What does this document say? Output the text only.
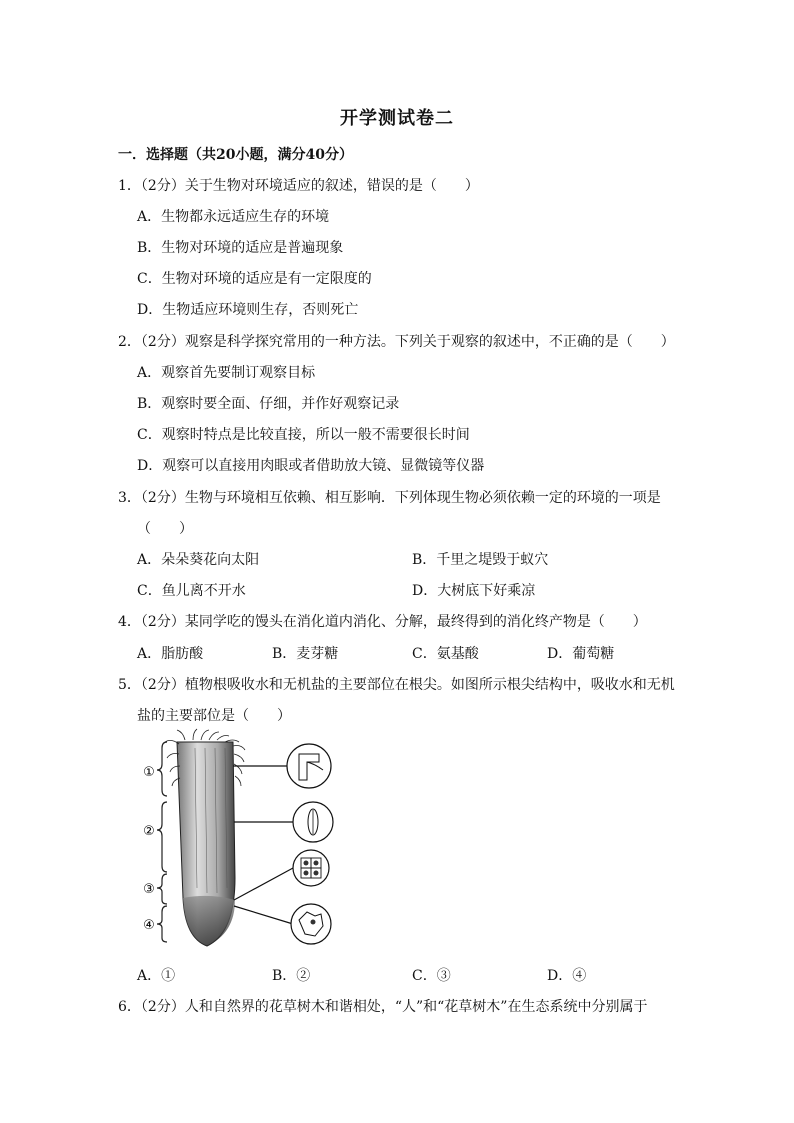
开学测试卷二
一．选择题（共20小题，满分40分）
1．（2分）关于生物对环境适应的叙述，错误的是（　　）
A．生物都永远适应生存的环境
B．生物对环境的适应是普遍现象
C．生物对环境的适应是有一定限度的
D．生物适应环境则生存，否则死亡
2．（2分）观察是科学探究常用的一种方法。下列关于观察的叙述中，不正确的是（　　）
A．观察首先要制订观察目标
B．观察时要全面、仔细，并作好观察记录
C．观察时特点是比较直接，所以一般不需要很长时间
D．观察可以直接用肉眼或者借助放大镜、显微镜等仪器
3．（2分）生物与环境相互依赖、相互影响．下列体现生物必须依赖一定的环境的一项是
（　　）
A．朵朵葵花向太阳	B．千里之堤毁于蚁穴
C．鱼儿离不开水	D．大树底下好乘凉
4．（2分）某同学吃的馒头在消化道内消化、分解，最终得到的消化终产物是（　　）
A．脂肪酸	B．麦芽糖	C．氨基酸	D．葡萄糖
5．（2分）植物根吸收水和无机盐的主要部位在根尖。如图所示根尖结构中，吸收水和无机
盐的主要部位是（　　）
①
②
③
④
A．①	B．②	C．③	D．④
6．（2分）人和自然界的花草树木和谐相处，“人”和“花草树木”在生态系统中分别属于
